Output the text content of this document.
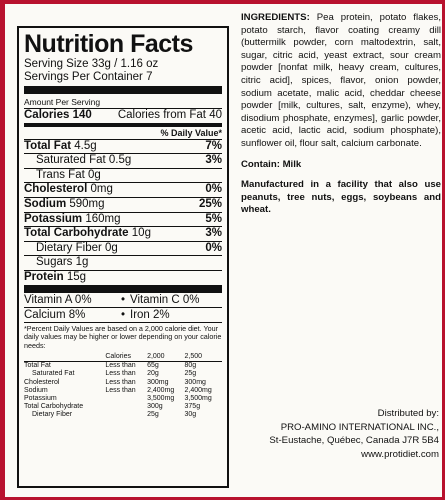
Nutrition Facts
Serving Size 33g / 1.16 oz
Servings Per Container 7
Amount Per Serving
Calories 140 Calories from Fat 40
% Daily Value*
Total Fat 4.5g	7%
Saturated Fat 0.5g	3%
Trans Fat 0g
Cholesterol 0mg	0%
Sodium 590mg	25%
Potassium 160mg	5%
Total Carbohydrate 10g	3%
Dietary Fiber 0g	0%
Sugars 1g
Protein 15g
Vitamin A 0%	• Vitamin C 0%
Calcium 8%	• Iron 2%
*Percent Daily Values are based on a 2,000 calorie diet. Your daily values may be higher or lower depending on your calorie needs:
	Calories	2,000	2,500
Total Fat	Less than	65g	80g
Saturated Fat	Less than	20g	25g
Cholesterol	Less than	300mg	300mg
Sodium	Less than	2,400mg	2,400mg
Potassium		3,500mg	3,500mg
Total Carbohydrate		300g	375g
Dietary Fiber		25g	30g
INGREDIENTS: Pea protein, potato flakes, potato starch, flavor coating creamy dill (buttermilk powder, corn maltodextrin, salt, sugar, citric acid, yeast extract, sour cream powder [nonfat milk, heavy cream, cultures, citric acid], spices, flavor, onion powder, sodium acetate, malic acid, cheddar cheese powder [milk, cultures, salt, enzyme), whey, disodium phosphate, enzymes], garlic powder, acetic acid, lactic acid, sodium phosphate), sunflower oil, flour salt, calcium carbonate.
Contain: Milk
Manufactured in a facility that also use peanuts, tree nuts, eggs, soybeans and wheat.
Distributed by:
PRO-AMINO INTERNATIONAL INC.,
St-Eustache, Québec, Canada J7R 5B4
www.protidiet.com
